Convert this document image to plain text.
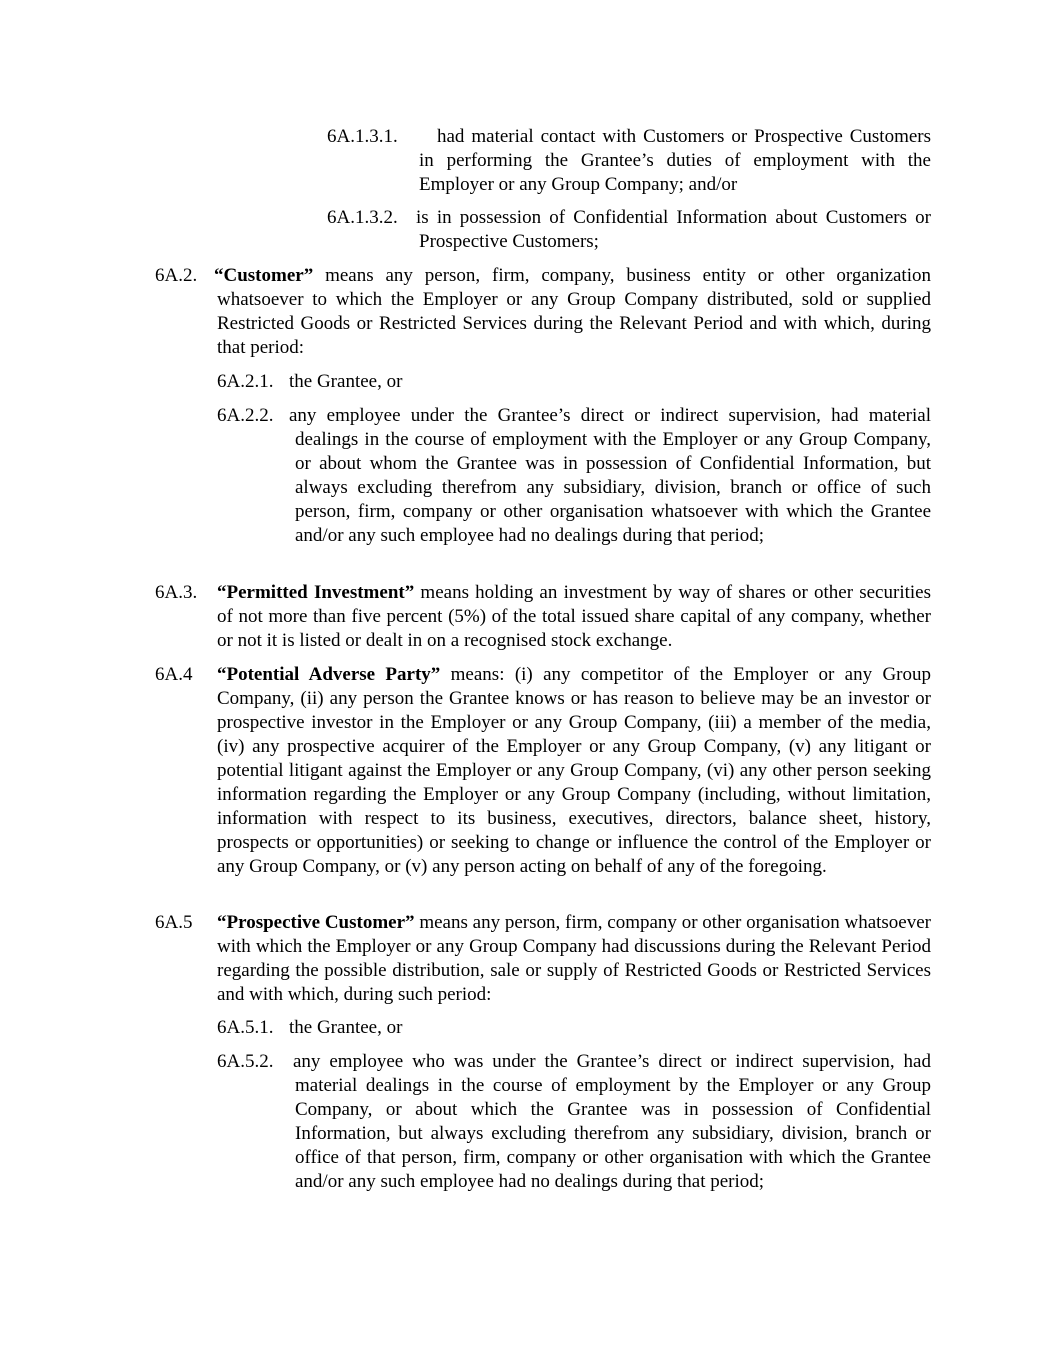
6A.1.3.1.	had material contact with Customers or Prospective Customers in performing the Grantee’s duties of employment with the Employer or any Group Company; and/or
6A.1.3.2. is in possession of Confidential Information about Customers or Prospective Customers;
6A.2. “Customer” means any person, firm, company, business entity or other organization whatsoever to which the Employer or any Group Company distributed, sold or supplied Restricted Goods or Restricted Services during the Relevant Period and with which, during that period:
6A.2.1. the Grantee, or
6A.2.2. any employee under the Grantee’s direct or indirect supervision, had material dealings in the course of employment with the Employer or any Group Company, or about whom the Grantee was in possession of Confidential Information, but always excluding therefrom any subsidiary, division, branch or office of such person, firm, company or other organisation whatsoever with which the Grantee and/or any such employee had no dealings during that period;
6A.3. “Permitted Investment” means holding an investment by way of shares or other securities of not more than five percent (5%) of the total issued share capital of any company, whether or not it is listed or dealt in on a recognised stock exchange.
6A.4 “Potential Adverse Party” means: (i) any competitor of the Employer or any Group Company, (ii) any person the Grantee knows or has reason to believe may be an investor or prospective investor in the Employer or any Group Company, (iii) a member of the media, (iv) any prospective acquirer of the Employer or any Group Company, (v) any litigant or potential litigant against the Employer or any Group Company, (vi) any other person seeking information regarding the Employer or any Group Company (including, without limitation, information with respect to its business, executives, directors, balance sheet, history, prospects or opportunities) or seeking to change or influence the control of the Employer or any Group Company, or (v) any person acting on behalf of any of the foregoing.
6A.5 “Prospective Customer” means any person, firm, company or other organisation whatsoever with which the Employer or any Group Company had discussions during the Relevant Period regarding the possible distribution, sale or supply of Restricted Goods or Restricted Services and with which, during such period:
6A.5.1. the Grantee, or
6A.5.2. any employee who was under the Grantee’s direct or indirect supervision, had material dealings in the course of employment by the Employer or any Group Company, or about which the Grantee was in possession of Confidential Information, but always excluding therefrom any subsidiary, division, branch or office of that person, firm, company or other organisation with which the Grantee and/or any such employee had no dealings during that period;
